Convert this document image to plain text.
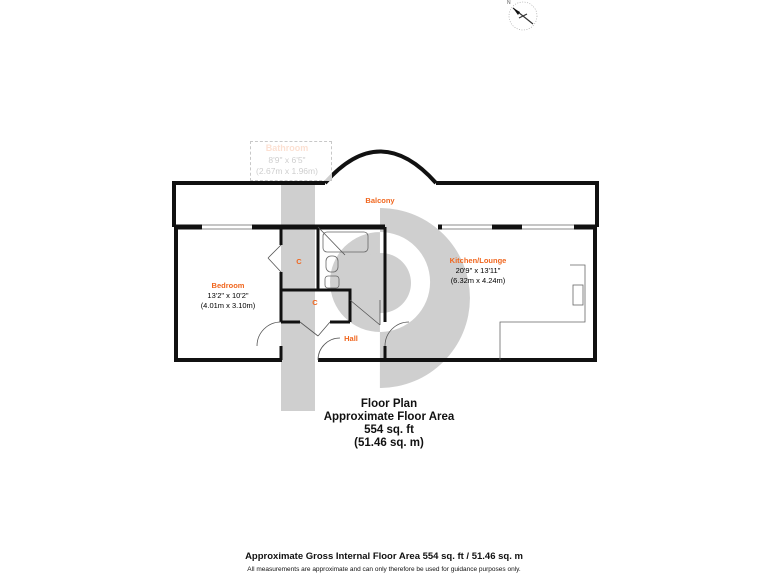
N
Balcony
Bedroom
13'2" x 10'2"
(4.01m x 3.10m)
Kitchen/Lounge
20'9" x 13'11"
(6.32m x 4.24m)
C
C
Hall
Floor Plan
Approximate Floor Area
554 sq. ft
(51.46 sq. m)
Approximate Gross Internal Floor Area 554 sq. ft / 51.46 sq. m
All measurements are approximate and can only therefore be used for guidance purposes only.
